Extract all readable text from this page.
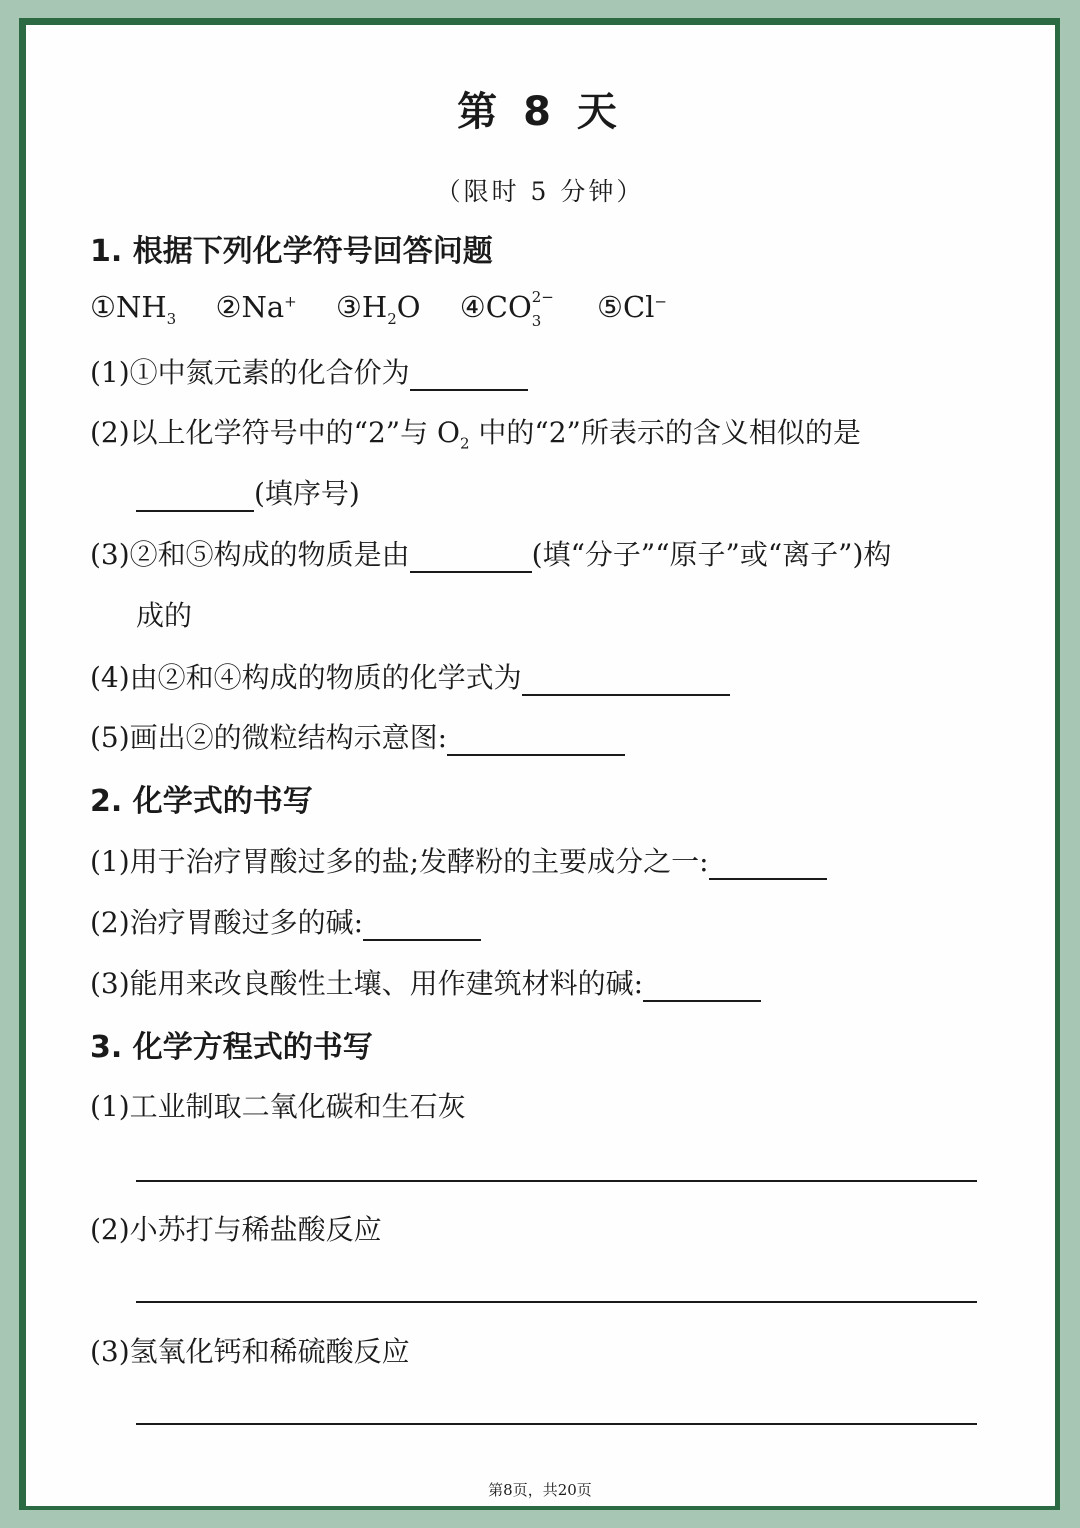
第 8 天
（限时 5 分钟）
1. 根据下列化学符号回答问题
$①NH_3$ ②Na+ $③H_2O$ ④CO 2−
3 ⑤Cl−
(1)①中氮元素的化合价为
(2)以上化学符号中的“2”与 $O_2$ 中的“2”所表示的含义相似的是
(填序号)
(3)②和⑤构成的物质是由	(填“分子”“原子”或“离子”)构
成的
(4)由②和④构成的物质的化学式为
(5)画出②的微粒结构示意图:
2. 化学式的书写
(1)用于治疗胃酸过多的盐;发酵粉的主要成分之一:
(2)治疗胃酸过多的碱:
(3)能用来改良酸性土壤、用作建筑材料的碱:
3. 化学方程式的书写
(1)工业制取二氧化碳和生石灰
(2)小苏打与稀盐酸反应
(3)氢氧化钙和稀硫酸反应
第8页，共20页
